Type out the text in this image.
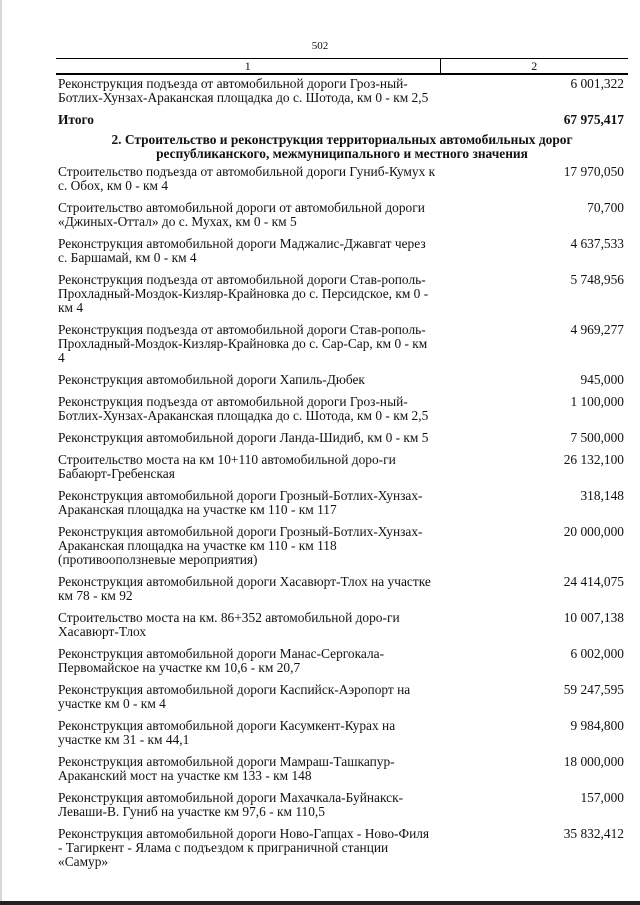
502
1	2
Реконструкция подъезда от автомобильной дороги Гроз-ный-Ботлих-Хунзах-Араканская площадка до с. Шотода, км 0 - км 2,5	6 001,322
Итого	67 975,417
2. Строительство и реконструкция территориальных автомобильных дорог республиканского, межмуниципального и местного значения	
Строительство подъезда от автомобильной дороги Гуниб-Кумух к с. Обох, км 0 - км 4	17 970,050
Строительство автомобильной дороги от автомобильной дороги «Джиных-Оттал» до с. Мухах, км 0 - км 5	70,700
Реконструкция автомобильной дороги Маджалис-Джавгат через с. Баршамай, км 0 - км 4	4 637,533
Реконструкция подъезда от автомобильной дороги Став-рополь-Прохладный-Моздок-Кизляр-Крайновка до с. Персидское, км 0 - км 4	5 748,956
Реконструкция подъезда от автомобильной дороги Став-рополь-Прохладный-Моздок-Кизляр-Крайновка до с. Сар-Сар, км 0 - км 4	4 969,277
Реконструкция автомобильной дороги Хапиль-Дюбек	945,000
Реконструкция подъезда от автомобильной дороги Гроз-ный-Ботлих-Хунзах-Араканская площадка до с. Шотода, км 0 - км 2,5	1 100,000
Реконструкция автомобильной дороги Ланда-Шидиб, км 0 - км 5	7 500,000
Строительство моста на км 10+110 автомобильной доро-ги Бабаюрт-Гребенская	26 132,100
Реконструкция автомобильной дороги Грозный-Ботлих-Хунзах-Араканская площадка на участке км 110 - км 117	318,148
Реконструкция автомобильной дороги Грозный-Ботлих-Хунзах-Араканская площадка на участке км 110 - км 118 (противооползневые мероприятия)	20 000,000
Реконструкция автомобильной дороги Хасавюрт-Тлох на участке км 78 - км 92	24 414,075
Строительство моста на км. 86+352 автомобильной доро-ги Хасавюрт-Тлох	10 007,138
Реконструкция автомобильной дороги Манас-Сергокала-Первомайское на участке км 10,6 - км 20,7	6 002,000
Реконструкция автомобильной дороги Каспийск-Аэропорт на участке км 0 - км 4	59 247,595
Реконструкция автомобильной дороги Касумкент-Курах на участке км 31 - км 44,1	9 984,800
Реконструкция автомобильной дороги Мамраш-Ташкапур-Араканский мост на участке км 133 - км 148	18 000,000
Реконструкция автомобильной дороги Махачкала-Буйнакск-Леваши-В. Гуниб на участке км 97,6 - км 110,5	157,000
Реконструкция автомобильной дороги Ново-Гапцах - Ново-Филя - Тагиркент - Ялама с подъездом к приграничной станции «Самур»	35 832,412
